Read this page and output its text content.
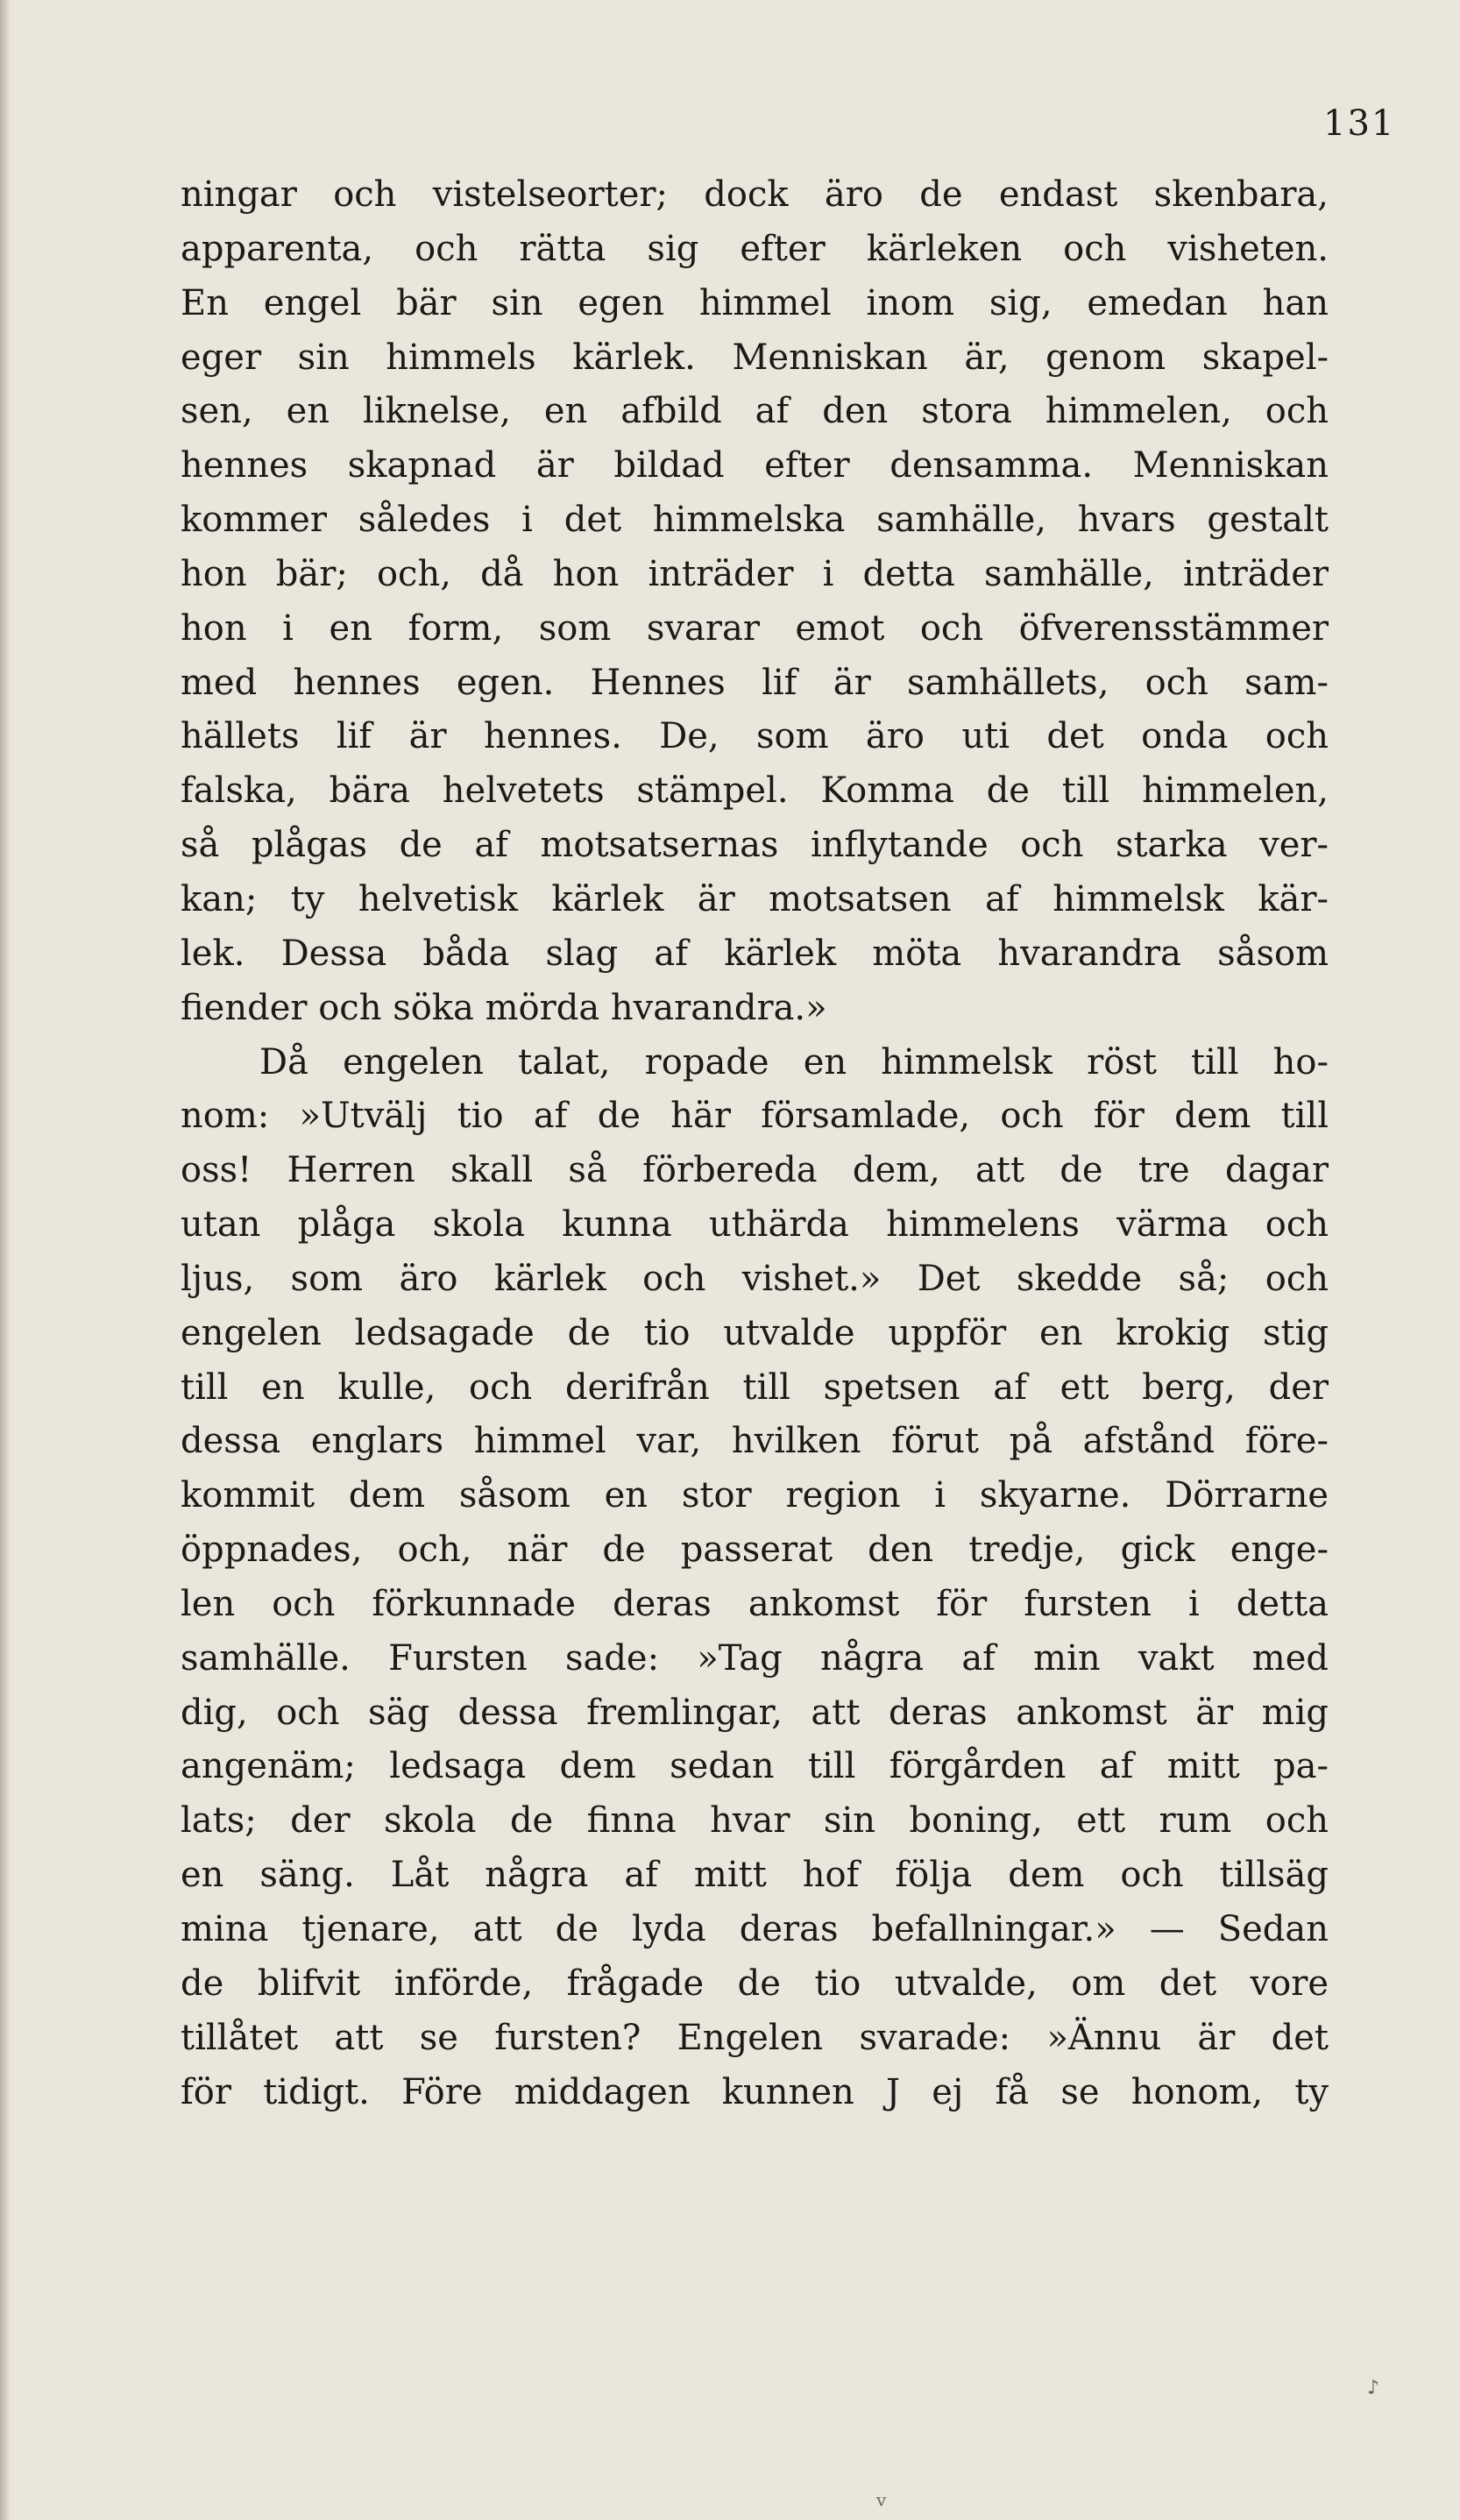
131
ningar och vistelseorter; dock äro de endast skenbara,
apparenta, och rätta sig efter kärleken och visheten.
En engel bär sin egen himmel inom sig, emedan han
eger sin himmels kärlek. Menniskan är, genom skapel-
sen, en liknelse, en afbild af den stora himmelen, och
hennes skapnad är bildad efter densamma. Menniskan
kommer således i det himmelska samhälle, hvars gestalt
hon bär; och, då hon inträder i detta samhälle, inträder
hon i en form, som svarar emot och öfverensstämmer
med hennes egen. Hennes lif är samhällets, och sam-
hällets lif är hennes. De, som äro uti det onda och
falska, bära helvetets stämpel. Komma de till himmelen,
så plågas de af motsatsernas inflytande och starka ver-
kan; ty helvetisk kärlek är motsatsen af himmelsk kär-
lek. Dessa båda slag af kärlek möta hvarandra såsom
fiender och söka mörda hvarandra.»
Då engelen talat, ropade en himmelsk röst till ho-
nom: »Utvälj tio af de här församlade, och för dem till
oss! Herren skall så förbereda dem, att de tre dagar
utan plåga skola kunna uthärda himmelens värma och
ljus, som äro kärlek och vishet.» Det skedde så; och
engelen ledsagade de tio utvalde uppför en krokig stig
till en kulle, och derifrån till spetsen af ett berg, der
dessa englars himmel var, hvilken förut på afstånd före-
kommit dem såsom en stor region i skyarne. Dörrarne
öppnades, och, när de passerat den tredje, gick enge-
len och förkunnade deras ankomst för fursten i detta
samhälle. Fursten sade: »Tag några af min vakt med
dig, och säg dessa fremlingar, att deras ankomst är mig
angenäm; ledsaga dem sedan till förgården af mitt pa-
lats; der skola de finna hvar sin boning, ett rum och
en säng. Låt några af mitt hof följa dem och tillsäg
mina tjenare, att de lyda deras befallningar.» — Sedan
de blifvit införde, frågade de tio utvalde, om det vore
tillåtet att se fursten? Engelen svarade: »Ännu är det
för tidigt. Före middagen kunnen J ej få se honom, ty
♪
v
